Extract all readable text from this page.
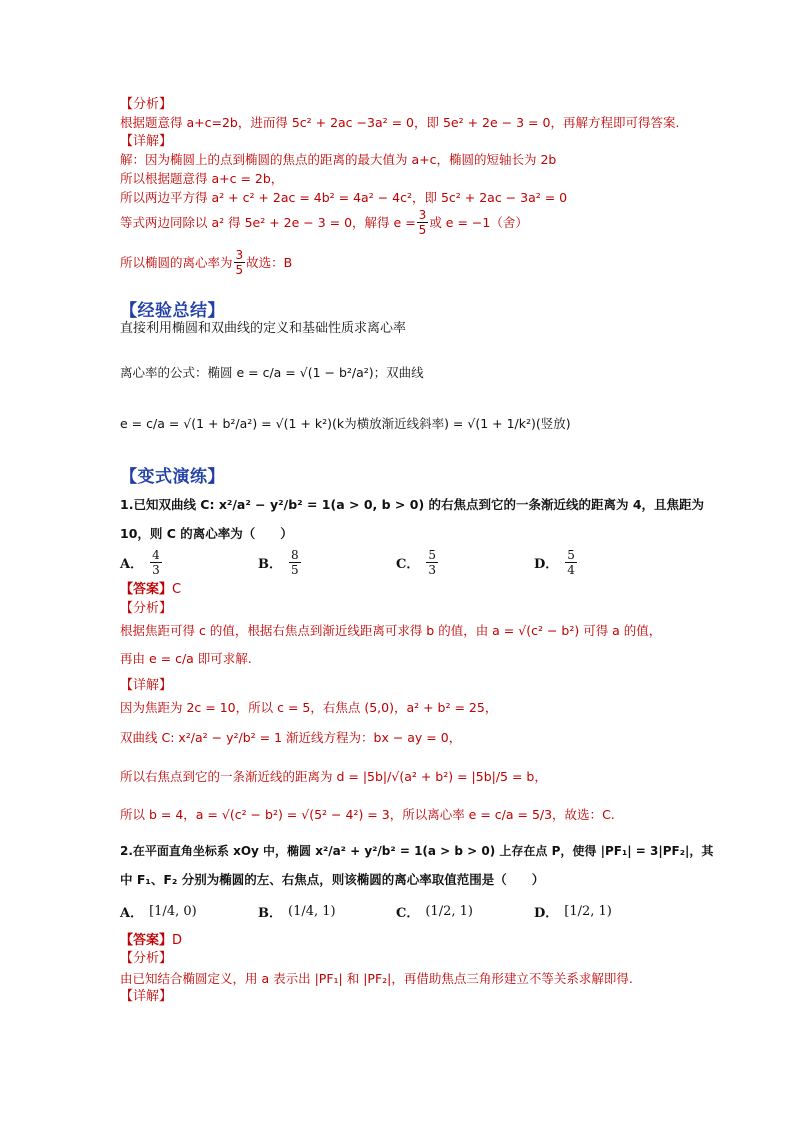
【分析】
根据题意得 a+c=2b，进而得 5c² + 2ac −3a² = 0，即 5e² + 2e − 3 = 0，再解方程即可得答案.
【详解】
解：因为椭圆上的点到椭圆的焦点的距离的最大值为 a+c，椭圆的短轴长为 2b
所以根据题意得 a+c = 2b，
所以两边平方得 a² + c² + 2ac = 4b² = 4a² − 4c²，即 5c² + 2ac − 3a² = 0
等式两边同除以 a² 得 5e² + 2e − 3 = 0，解得 $e = \frac{3}{5}$ 或 e = −1（舍）
所以椭圆的离心率为 $\frac{3}{5}$ 故选： B
【经验总结】
直接利用椭圆和双曲线的定义和基础性质求离心率
离心率的公式：椭圆 e = c/a = √(1 − b²/a²)；双曲线
e = c/a = √(1 + b²/a²) = √(1 + k²)(k为横放渐近线斜率) = √(1 + 1/k²)(竖放)
【变式演练】
1.已知双曲线 C: x²/a² − y²/b² = 1(a > 0, b > 0) 的右焦点到它的一条渐近线的距离为 4，且焦距为
10，则 C 的离心率为（　　）
A． $\frac{4}{3}$	B． $\frac{8}{5}$	C． $\frac{5}{3}$	D． $\frac{5}{4}$
【答案】C
【分析】
根据焦距可得 c 的值，根据右焦点到渐近线距离可求得 b 的值，由 a = √(c² − b²) 可得 a 的值，
再由 e = c/a 即可求解.
【详解】
因为焦距为 2c = 10，所以 c = 5，右焦点 (5,0)，a² + b² = 25，
双曲线 C: x²/a² − y²/b² = 1 渐近线方程为：bx − ay = 0，
所以右焦点到它的一条渐近线的距离为 d = |5b|/√(a² + b²) = |5b|/5 = b，
所以 b = 4，a = √(c² − b²) = √(5² − 4²) = 3，所以离心率 e = c/a = 5/3，故选：C.
2.在平面直角坐标系 xOy 中，椭圆 x²/a² + y²/b² = 1(a > b > 0) 上存在点 P，使得 |PF₁| = 3|PF₂|，其
中 F₁、F₂ 分别为椭圆的左、右焦点，则该椭圆的离心率取值范围是（　　）
A． [1/4, 0)	B． (1/4, 1)	C． (1/2, 1)	D． [1/2, 1)
【答案】D
【分析】
由已知结合椭圆定义，用 a 表示出 |PF₁| 和 |PF₂|，再借助焦点三角形建立不等关系求解即得.
【详解】
